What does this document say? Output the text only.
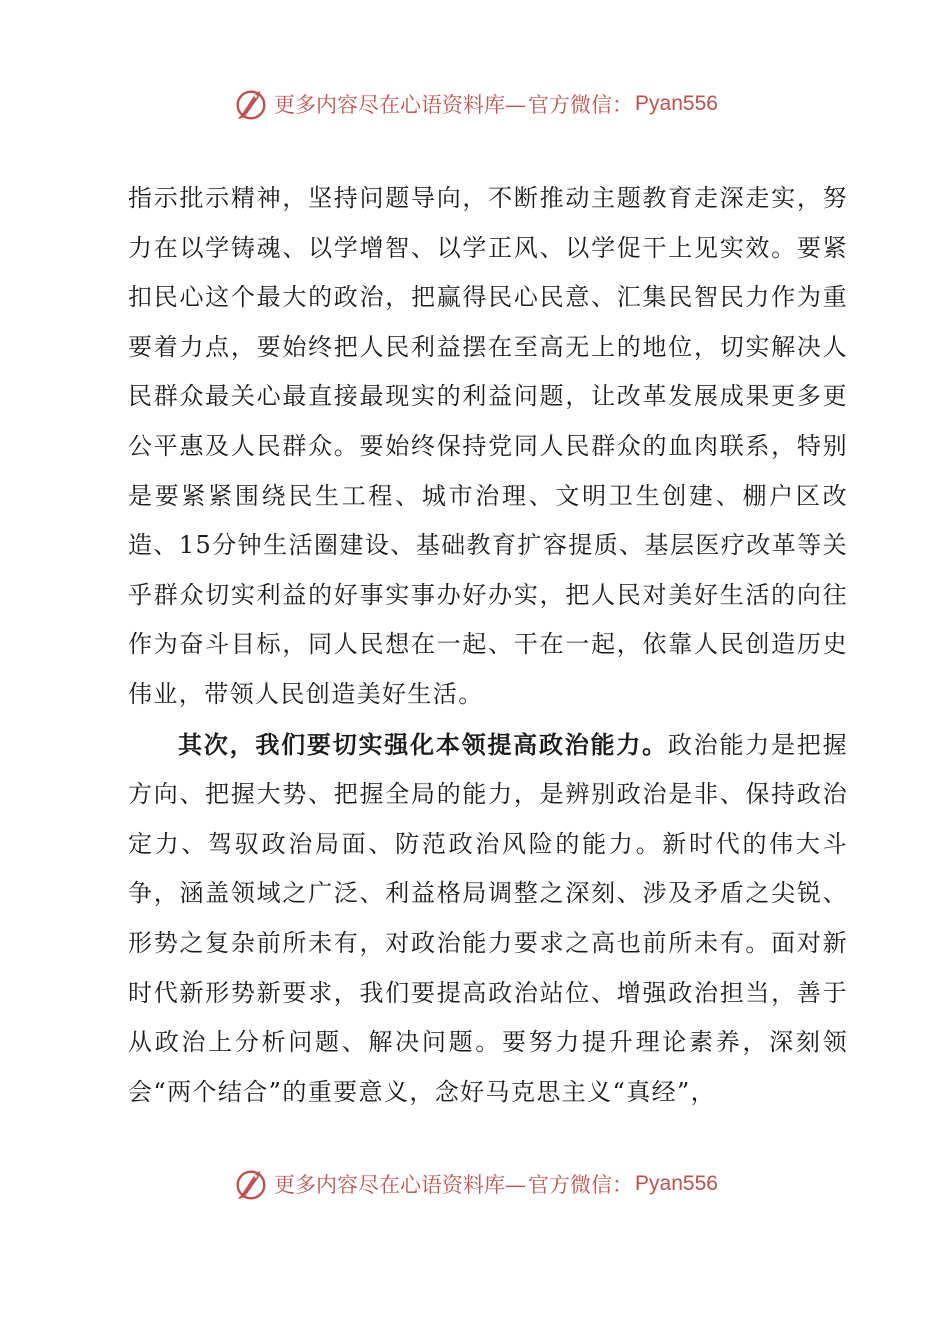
更多内容尽在心语资料库— 官方微信： Pyan556

指示批示精神，坚持问题导向，不断推动主题教育走深走实，努力在以学铸魂、以学增智、以学正风、以学促干上见实效。要紧扣民心这个最大的政治，把赢得民心民意、汇集民智民力作为重要着力点，要始终把人民利益摆在至高无上的地位，切实解决人民群众最关心最直接最现实的利益问题，让改革发展成果更多更公平惠及人民群众。要始终保持党同人民群众的血肉联系，特别是要紧紧围绕民生工程、城市治理、文明卫生创建、棚户区改造、15分钟生活圈建设、基础教育扩容提质、基层医疗改革等关乎群众切实利益的好事实事办好办实，把人民对美好生活的向往作为奋斗目标，同人民想在一起、干在一起，依靠人民创造历史伟业，带领人民创造美好生活。

其次，我们要切实强化本领提高政治能力。政治能力是把握方向、把握大势、把握全局的能力，是辨别政治是非、保持政治定力、驾驭政治局面、防范政治风险的能力。新时代的伟大斗争，涵盖领域之广泛、利益格局调整之深刻、涉及矛盾之尖锐、形势之复杂前所未有，对政治能力要求之高也前所未有。面对新时代新形势新要求，我们要提高政治站位、增强政治担当，善于从政治上分析问题、解决问题。要努力提升理论素养，深刻领会“两个结合”的重要意义，念好马克思主义“真经”，

更多内容尽在心语资料库— 官方微信： Pyan556
